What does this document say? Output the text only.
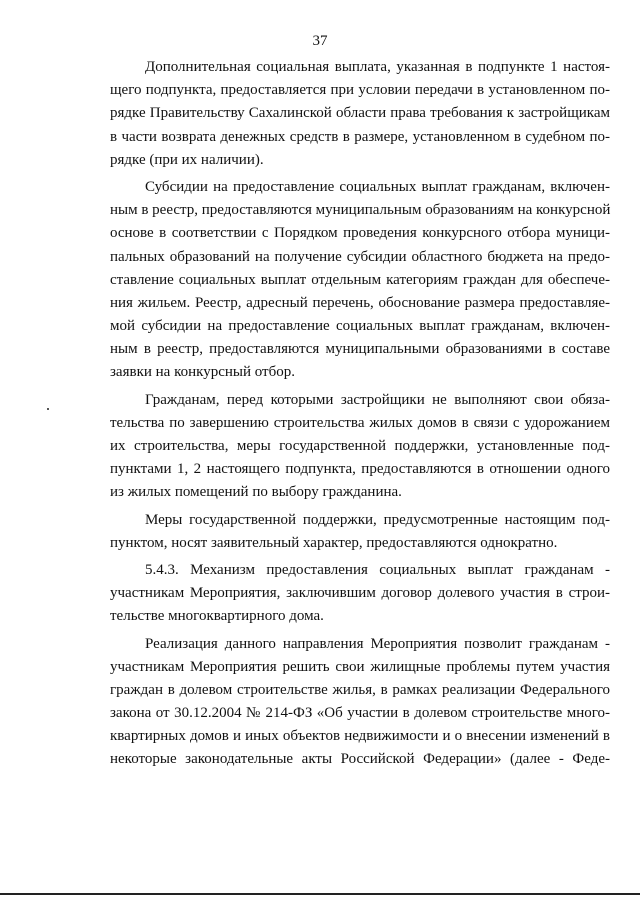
37
Дополнительная социальная выплата, указанная в подпункте 1 настоя-
щего подпункта, предоставляется при условии передачи в установленном по-
рядке Правительству Сахалинской области права требования к застройщикам
в части возврата денежных средств в размере, установленном в судебном по-
рядке (при их наличии).
Субсидии на предоставление социальных выплат гражданам, включен-
ным в реестр, предоставляются муниципальным образованиям на конкурсной
основе в соответствии с Порядком проведения конкурсного отбора муници-
пальных образований на получение субсидии областного бюджета на предо-
ставление социальных выплат отдельным категориям граждан для обеспече-
ния жильем. Реестр, адресный перечень, обоснование размера предоставляе-
мой субсидии на предоставление социальных выплат гражданам, включен-
ным в реестр, предоставляются муниципальными образованиями в составе
заявки на конкурсный отбор.
Гражданам, перед которыми застройщики не выполняют свои обяза-
тельства по завершению строительства жилых домов в связи с удорожанием
их строительства, меры государственной поддержки, установленные под-
пунктами 1, 2 настоящего подпункта, предоставляются в отношении одного
из жилых помещений по выбору гражданина.
Меры государственной поддержки, предусмотренные настоящим под-
пунктом, носят заявительный характер, предоставляются однократно.
5.4.3. Механизм предоставления социальных выплат гражданам -
участникам Мероприятия, заключившим договор долевого участия в строи-
тельстве многоквартирного дома.
Реализация данного направления Мероприятия позволит гражданам -
участникам Мероприятия решить свои жилищные проблемы путем участия
граждан в долевом строительстве жилья, в рамках реализации Федерального
закона от 30.12.2004 № 214-ФЗ «Об участии в долевом строительстве много-
квартирных домов и иных объектов недвижимости и о внесении изменений в
некоторые законодательные акты Российской Федерации» (далее - Феде-
